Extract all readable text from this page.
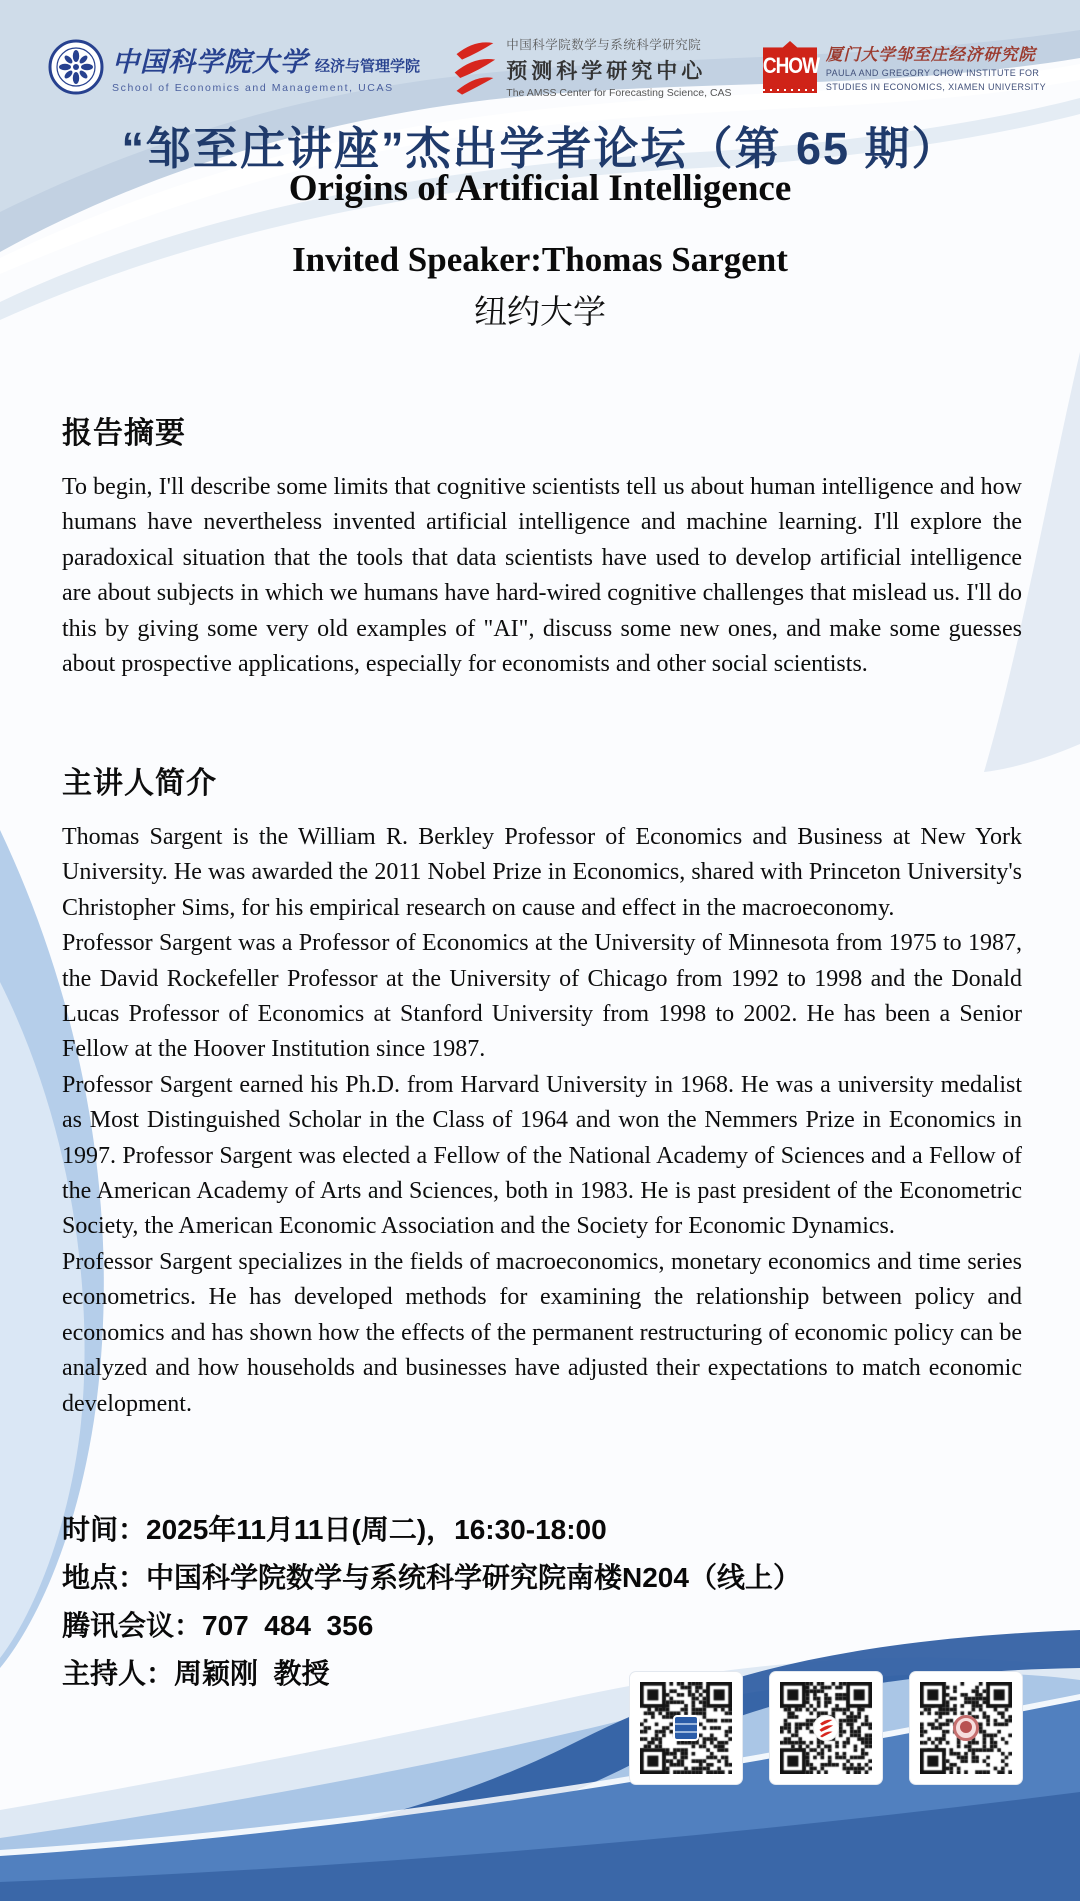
中国科学院大学 经济与管理学院
School of Economics and Management, UCAS
中国科学院数学与系统科学研究院
预测科学研究中心
The AMSS Center for Forecasting Science, CAS
CHOW 厦门大学邹至庄经济研究院
PAULA AND GREGORY CHOW INSTITUTE FOR
STUDIES IN ECONOMICS, XIAMEN UNIVERSITY
“邹至庄讲座”杰出学者论坛（第 65 期）
Origins of Artificial Intelligence
Invited Speaker:Thomas Sargent
纽约大学
报告摘要

To begin, I'll describe some limits that cognitive scientists tell us about human intelligence and how humans have nevertheless invented artificial intelligence and machine learning. I'll explore the paradoxical situation that the tools that data scientists have used to develop artificial intelligence are about subjects in which we humans have hard-wired cognitive challenges that mislead us. I'll do this by giving some very old examples of "AI", discuss some new ones, and make some guesses about prospective applications, especially for economists and other social scientists.

主讲人简介

Thomas Sargent is the William R. Berkley Professor of Economics and Business at New York University. He was awarded the 2011 Nobel Prize in Economics, shared with Princeton University's Christopher Sims, for his empirical research on cause and effect in the macroeconomy.

Professor Sargent was a Professor of Economics at the University of Minnesota from 1975 to 1987, the David Rockefeller Professor at the University of Chicago from 1992 to 1998 and the Donald Lucas Professor of Economics at Stanford University from 1998 to 2002. He has been a Senior Fellow at the Hoover Institution since 1987.

Professor Sargent earned his Ph.D. from Harvard University in 1968. He was a university medalist as Most Distinguished Scholar in the Class of 1964 and won the Nemmers Prize in Economics in 1997. Professor Sargent was elected a Fellow of the National Academy of Sciences and a Fellow of the American Academy of Arts and Sciences, both in 1983. He is past president of the Econometric Society, the American Economic Association and the Society for Economic Dynamics.

Professor Sargent specializes in the fields of macroeconomics, monetary economics and time series econometrics. He has developed methods for examining the relationship between policy and economics and has shown how the effects of the permanent restructuring of economic policy can be analyzed and how households and businesses have adjusted their expectations to match economic development.

时间：2025年11月11日(周二)，16:30-18:00
地点：中国科学院数学与系统科学研究院南楼N204（线上）
腾讯会议：707  484  356
主持人：周颖刚  教授
